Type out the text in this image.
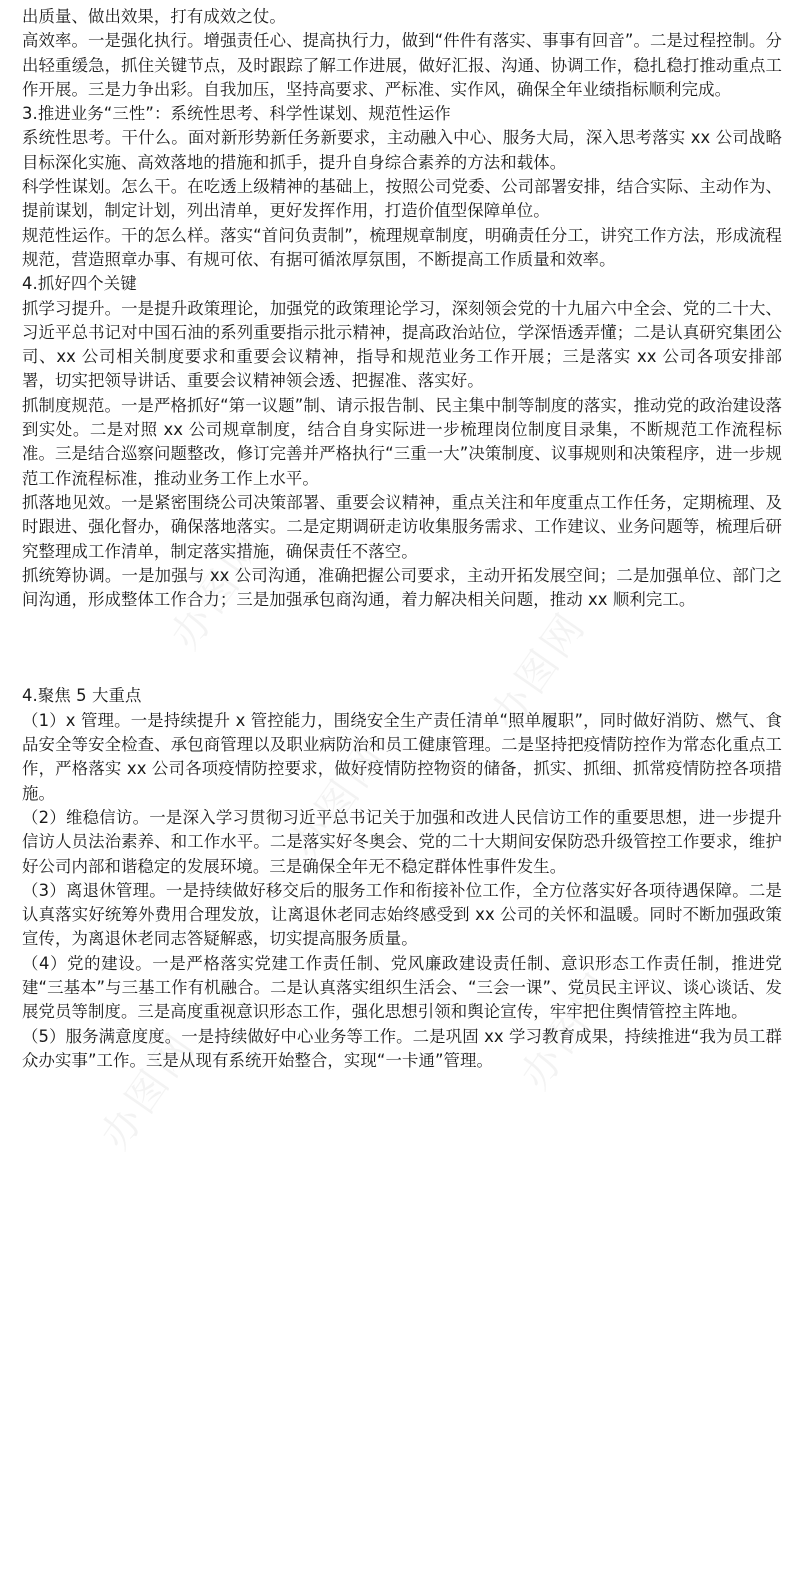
办图网
办图网
办图网
办图网	办图网

出质量、做出效果，打有成效之仗。

高效率。一是强化执行。增强责任心、提高执行力，做到“件件有落实、事事有回音”。二是过程控制。分出轻重缓急，抓住关键节点，及时跟踪了解工作进展，做好汇报、沟通、协调工作，稳扎稳打推动重点工作开展。三是力争出彩。自我加压，坚持高要求、严标准、实作风，确保全年业绩指标顺利完成。

3.推进业务“三性”：系统性思考、科学性谋划、规范性运作

系统性思考。干什么。面对新形势新任务新要求，主动融入中心、服务大局，深入思考落实 xx 公司战略目标深化实施、高效落地的措施和抓手，提升自身综合素养的方法和载体。

科学性谋划。怎么干。在吃透上级精神的基础上，按照公司党委、公司部署安排，结合实际、主动作为、提前谋划，制定计划，列出清单，更好发挥作用，打造价值型保障单位。

规范性运作。干的怎么样。落实“首问负责制”，梳理规章制度，明确责任分工，讲究工作方法，形成流程规范，营造照章办事、有规可依、有据可循浓厚氛围，不断提高工作质量和效率。

4.抓好四个关键

抓学习提升。一是提升政策理论，加强党的政策理论学习，深刻领会党的十九届六中全会、党的二十大、习近平总书记对中国石油的系列重要指示批示精神，提高政治站位，学深悟透弄懂；二是认真研究集团公司、xx 公司相关制度要求和重要会议精神，指导和规范业务工作开展；三是落实 xx 公司各项安排部署，切实把领导讲话、重要会议精神领会透、把握准、落实好。

抓制度规范。一是严格抓好“第一议题”制、请示报告制、民主集中制等制度的落实，推动党的政治建设落到实处。二是对照 xx 公司规章制度，结合自身实际进一步梳理岗位制度目录集，不断规范工作流程标准。三是结合巡察问题整改，修订完善并严格执行“三重一大”决策制度、议事规则和决策程序，进一步规范工作流程标准，推动业务工作上水平。

抓落地见效。一是紧密围绕公司决策部署、重要会议精神，重点关注和年度重点工作任务，定期梳理、及时跟进、强化督办，确保落地落实。二是定期调研走访收集服务需求、工作建议、业务问题等，梳理后研究整理成工作清单，制定落实措施，确保责任不落空。

抓统筹协调。一是加强与 xx 公司沟通，准确把握公司要求，主动开拓发展空间；二是加强单位、部门之间沟通，形成整体工作合力；三是加强承包商沟通，着力解决相关问题，推动 xx 顺利完工。

4.聚焦 5 大重点

（1）x 管理。一是持续提升 x 管控能力，围绕安全生产责任清单“照单履职”，同时做好消防、燃气、食品安全等安全检查、承包商管理以及职业病防治和员工健康管理。二是坚持把疫情防控作为常态化重点工作，严格落实 xx 公司各项疫情防控要求，做好疫情防控物资的储备，抓实、抓细、抓常疫情防控各项措施。

（2）维稳信访。一是深入学习贯彻习近平总书记关于加强和改进人民信访工作的重要思想，进一步提升信访人员法治素养、和工作水平。二是落实好冬奥会、党的二十大期间安保防恐升级管控工作要求，维护好公司内部和谐稳定的发展环境。三是确保全年无不稳定群体性事件发生。

（3）离退休管理。一是持续做好移交后的服务工作和衔接补位工作，全方位落实好各项待遇保障。二是认真落实好统筹外费用合理发放，让离退休老同志始终感受到 xx 公司的关怀和温暖。同时不断加强政策宣传，为离退休老同志答疑解惑，切实提高服务质量。

（4）党的建设。一是严格落实党建工作责任制、党风廉政建设责任制、意识形态工作责任制，推进党建“三基本”与三基工作有机融合。二是认真落实组织生活会、“三会一课”、党员民主评议、谈心谈话、发展党员等制度。三是高度重视意识形态工作，强化思想引领和舆论宣传，牢牢把住舆情管控主阵地。

（5）服务满意度度。一是持续做好中心业务等工作。二是巩固 xx 学习教育成果，持续推进“我为员工群众办实事”工作。三是从现有系统开始整合，实现“一卡通”管理。
